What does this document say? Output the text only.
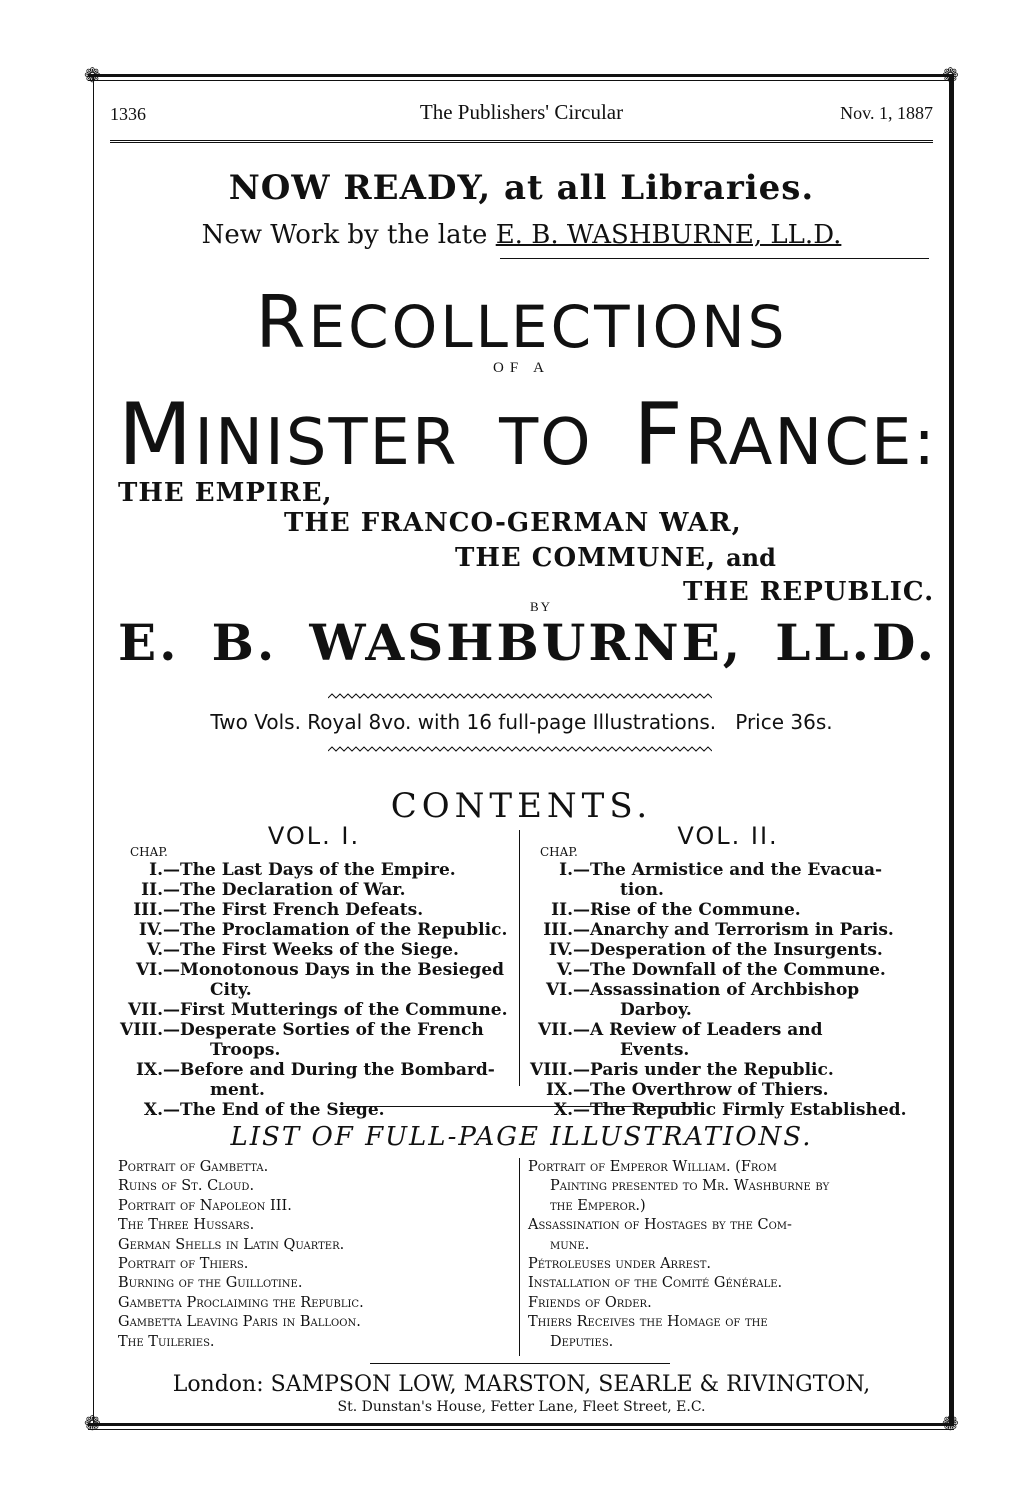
❁	❁
❁	❁
1336	The Publishers' Circular	Nov. 1, 1887
NOW READY, at all Libraries.
New Work by the late E. B. WASHBURNE, LL.D.
RECOLLECTIONS
OF A
MINISTER TO FRANCE:
THE EMPIRE,
THE FRANCO-GERMAN WAR,
THE COMMUNE, and
THE REPUBLIC.
BY
E. B. WASHBURNE, LL.D.
Two Vols. Royal 8vo. with 16 full-page Illustrations. Price 36s.
CONTENTS.
VOL. I.
CHAP.
I.— The Last Days of the Empire.
II.— The Declaration of War.
III.— The First French Defeats.
IV.— The Proclamation of the Republic.
V.— The First Weeks of the Siege.
VI.— Monotonous Days in the Besieged
City.
VII.— First Mutterings of the Commune.
VIII.— Desperate Sorties of the French
Troops.
IX.— Before and During the Bombard-
ment.
X.— The End of the Siege.
VOL. II.
CHAP.
I.— The Armistice and the Evacua-
tion.
II.— Rise of the Commune.
III.— Anarchy and Terrorism in Paris.
IV.— Desperation of the Insurgents.
V.— The Downfall of the Commune.
VI.— Assassination of Archbishop
Darboy.
VII.— A Review of Leaders and
Events.
VIII.— Paris under the Republic.
IX.— The Overthrow of Thiers.
X.— The Republic Firmly Established.
LIST OF FULL-PAGE ILLUSTRATIONS.
Portrait of Gambetta.
Ruins of St. Cloud.
Portrait of Napoleon III.
The Three Hussars.
German Shells in Latin Quarter.
Portrait of Thiers.
Burning of the Guillotine.
Gambetta Proclaiming the Republic.
Gambetta Leaving Paris in Balloon.
The Tuileries.
Portrait of Emperor William. (From
Painting presented to Mr. Washburne by
the Emperor.)
Assassination of Hostages by the Com-
mune.
Pétroleuses under Arrest.
Installation of the Comité Générale.
Friends of Order.
Thiers Receives the Homage of the
Deputies.
London: SAMPSON LOW, MARSTON, SEARLE & RIVINGTON,
St. Dunstan's House, Fetter Lane, Fleet Street, E.C.
